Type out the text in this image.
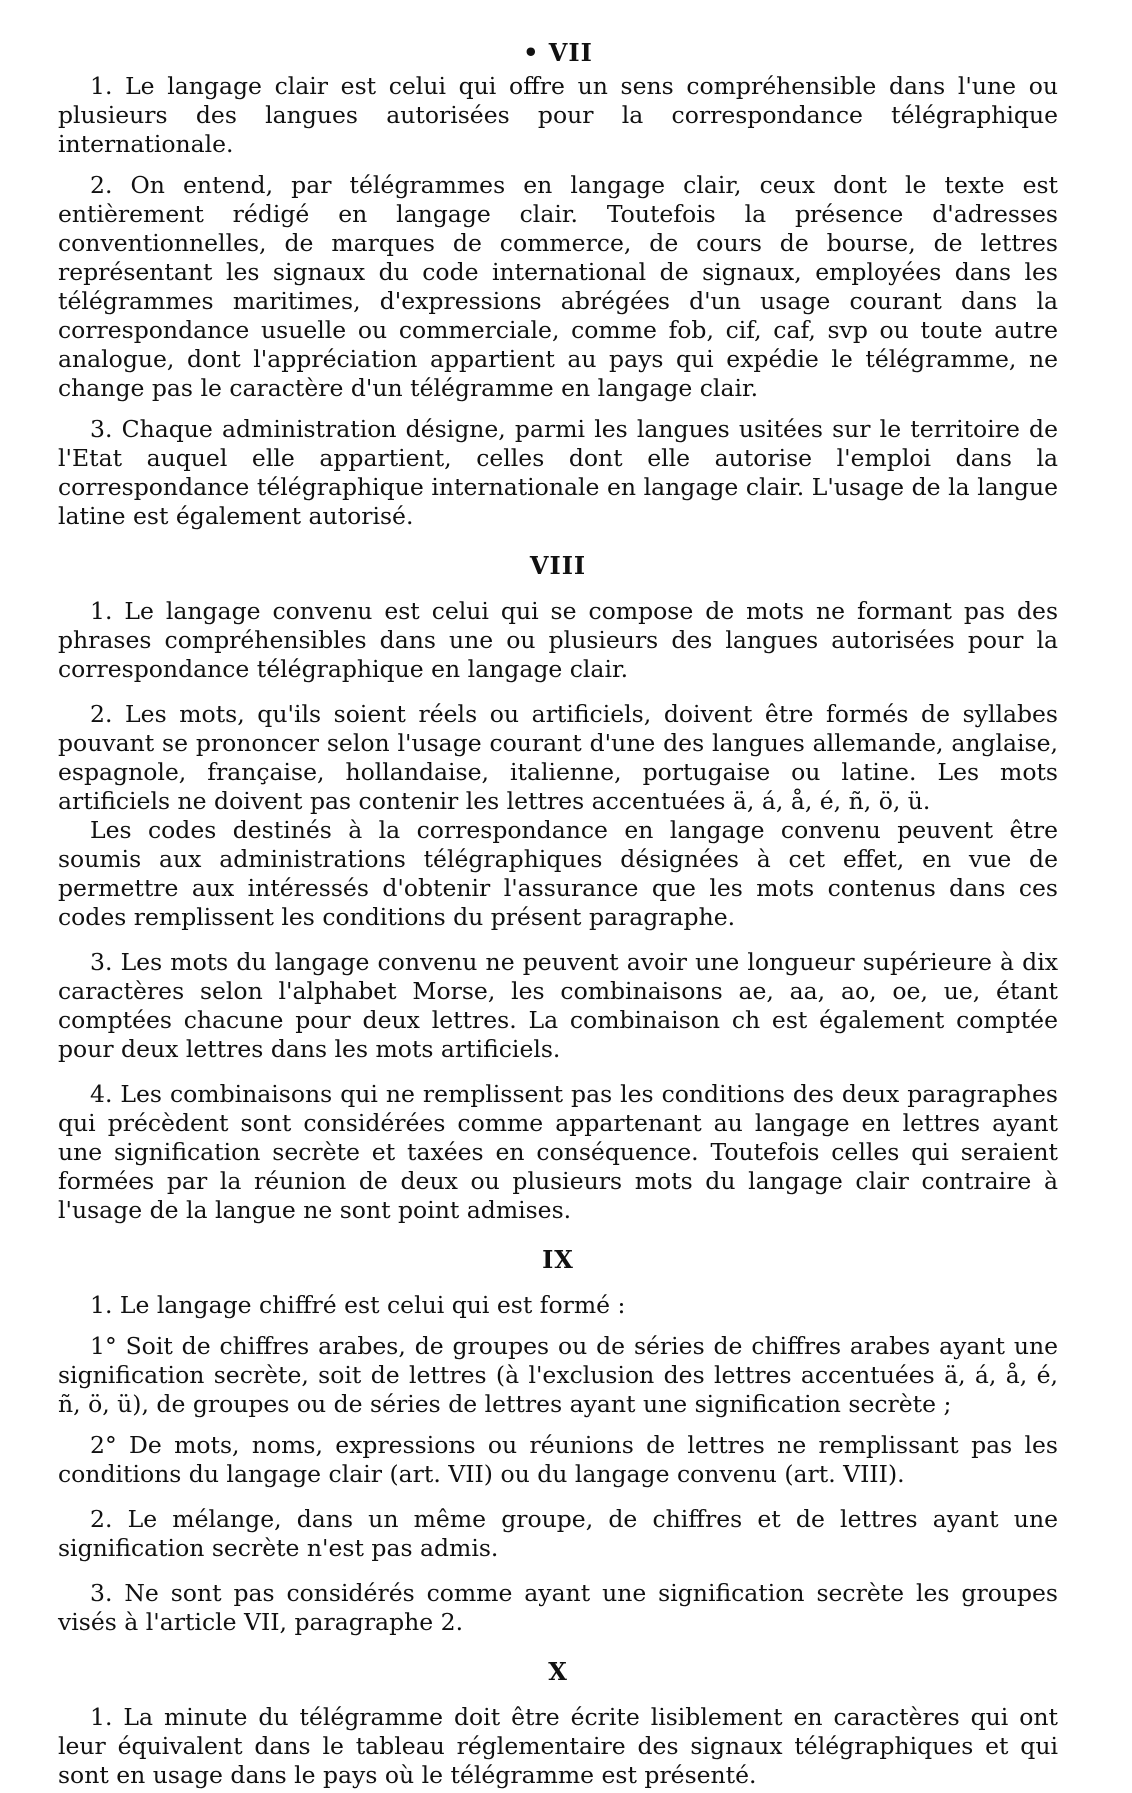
• VII

1. Le langage clair est celui qui offre un sens compréhensible dans l'une ou plusieurs des langues autorisées pour la correspondance télégraphique internationale.

2. On entend, par télégrammes en langage clair, ceux dont le texte est entièrement rédigé en langage clair. Toutefois la présence d'adresses conventionnelles, de marques de commerce, de cours de bourse, de lettres représentant les signaux du code international de signaux, employées dans les télégrammes maritimes, d'expressions abrégées d'un usage courant dans la correspondance usuelle ou commerciale, comme fob, cif, caf, svp ou toute autre analogue, dont l'appréciation appartient au pays qui expédie le télégramme, ne change pas le caractère d'un télégramme en langage clair.

3. Chaque administration désigne, parmi les langues usitées sur le territoire de l'Etat auquel elle appartient, celles dont elle autorise l'emploi dans la correspondance télégraphique internationale en langage clair. L'usage de la langue latine est également autorisé.

VIII

1. Le langage convenu est celui qui se compose de mots ne formant pas des phrases compréhensibles dans une ou plusieurs des langues autorisées pour la correspondance télégraphique en langage clair.

2. Les mots, qu'ils soient réels ou artificiels, doivent être formés de syllabes pouvant se prononcer selon l'usage courant d'une des langues allemande, anglaise, espagnole, française, hollandaise, italienne, portugaise ou latine. Les mots artificiels ne doivent pas contenir les lettres accentuées ä, á, å, é, ñ, ö, ü.

Les codes destinés à la correspondance en langage convenu peuvent être soumis aux administrations télégraphiques désignées à cet effet, en vue de permettre aux intéressés d'obtenir l'assurance que les mots contenus dans ces codes remplissent les conditions du présent paragraphe.

3. Les mots du langage convenu ne peuvent avoir une longueur supérieure à dix caractères selon l'alphabet Morse, les combinaisons ae, aa, ao, oe, ue, étant comptées chacune pour deux lettres. La combinaison ch est également comptée pour deux lettres dans les mots artificiels.

4. Les combinaisons qui ne remplissent pas les conditions des deux paragraphes qui précèdent sont considérées comme appartenant au langage en lettres ayant une signification secrète et taxées en conséquence. Toutefois celles qui seraient formées par la réunion de deux ou plusieurs mots du langage clair contraire à l'usage de la langue ne sont point admises.

IX

1. Le langage chiffré est celui qui est formé :

1° Soit de chiffres arabes, de groupes ou de séries de chiffres arabes ayant une signification secrète, soit de lettres (à l'exclusion des lettres accentuées ä, á, å, é, ñ, ö, ü), de groupes ou de séries de lettres ayant une signification secrète ;

2° De mots, noms, expressions ou réunions de lettres ne remplissant pas les conditions du langage clair (art. VII) ou du langage convenu (art. VIII).

2. Le mélange, dans un même groupe, de chiffres et de lettres ayant une signification secrète n'est pas admis.

3. Ne sont pas considérés comme ayant une signification secrète les groupes visés à l'article VII, paragraphe 2.

X

1. La minute du télégramme doit être écrite lisiblement en caractères qui ont leur équivalent dans le tableau réglementaire des signaux télégraphiques et qui sont en usage dans le pays où le télégramme est présenté.
